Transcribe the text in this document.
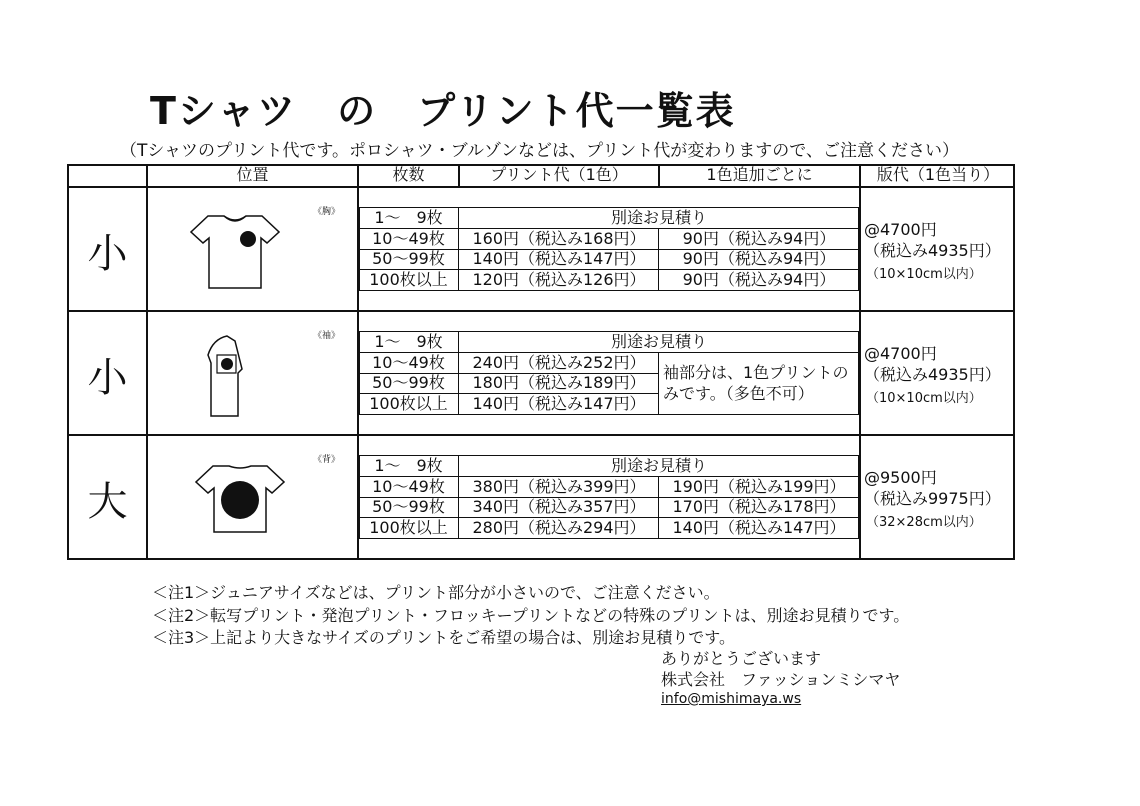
Tシャツ　の　プリント代一覧表
（Tシャツのプリント代です。ポロシャツ・ブルゾンなどは、プリント代が変わりますので、ご注意ください）
位置	枚数	プリント代（1色）	1色追加ごとに	版代（1色当り）
小
《胸》	1～　9枚	別途お見積り
10～49枚	160円（税込み168円）	90円（税込み94円）
50～99枚	140円（税込み147円）	90円（税込み94円）
100枚以上	120円（税込み126円）	90円（税込み94円）
@4700円
（税込み4935円）
（10×10cm以内）
小
《袖》	1～　9枚	別途お見積り
10～49枚	240円（税込み252円）
50～99枚	180円（税込み189円）
100枚以上	140円（税込み147円）
袖部分は、1色プリントのみです。（多色不可）
@4700円
（税込み4935円）
（10×10cm以内）
大
《背》	1～　9枚	別途お見積り
10～49枚	380円（税込み399円）	190円（税込み199円）
50～99枚	340円（税込み357円）	170円（税込み178円）
100枚以上	280円（税込み294円）	140円（税込み147円）
@9500円
（税込み9975円）
（32×28cm以内）
＜注1＞ジュニアサイズなどは、プリント部分が小さいので、ご注意ください。
＜注2＞転写プリント・発泡プリント・フロッキープリントなどの特殊のプリントは、別途お見積りです。
＜注3＞上記より大きなサイズのプリントをご希望の場合は、別途お見積りです。
ありがとうございます
株式会社　ファッションミシマヤ
info@mishimaya.ws
